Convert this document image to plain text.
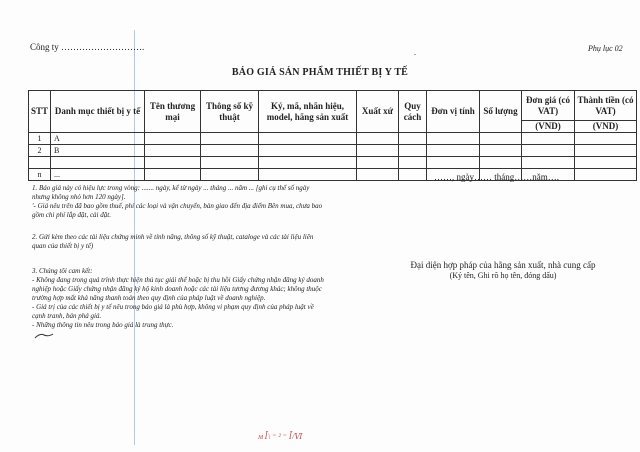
Công ty ……………………….
.	Phụ lục 02
BÁO GIÁ SẢN PHẨM THIẾT BỊ Y TẾ
STT	Danh mục thiết bị y tế	Tên thương mại	Thông số kỹ thuật	Ký, mã, nhãn hiệu, model, hãng sản xuất	Xuất xứ	Quy cách	Đơn vị tính	Số lượng	Đơn giá (có VAT)	Thành tiền (có VAT)
									(VND)	(VND)
1	A									
2	B									

n	...										……, ngày…… tháng……năm….
1. Báo giá này có hiệu lực trong vòng: ....... ngày, kể từ ngày ... tháng ... năm ... [ghi cụ thể số ngày
nhưng không nhỏ hơn 120 ngày].
'- Giá nêu trên đã bao gồm thuế, phí các loại và vận chuyển, bàn giao đến địa điểm Bên mua, chưa bao
gồm chi phí lắp đặt, cài đặt.
2. Gửi kèm theo các tài liệu chứng minh về tính năng, thông số kỹ thuật, cataloge và các tài liệu liên
quan của thiết bị y tế)
3. Chúng tôi cam kết:
- Không đang trong quá trình thực hiện thủ tục giải thể hoặc bị thu hồi Giấy chứng nhận đăng ký doanh
nghiệp hoặc Giấy chứng nhận đăng ký hộ kinh doanh hoặc các tài liệu tương đương khác; không thuộc
trường hợp mất khả năng thanh toán theo quy định của pháp luật về doanh nghiệp.
- Giá trị của các thiết bị y tế nêu trong báo giá là phù hợp, không vi phạm quy định của pháp luật về
cạnh tranh, bán phá giá.
- Những thông tin nêu trong báo giá là trung thực.
Đại diện hợp pháp của hãng sản xuất, nhà cung cấp
(Ký tên, Ghi rõ họ tên, đóng dấu)
ᴍ ꟾ\ ⁼ ² ⁼ ꟾ/Ⅵ
